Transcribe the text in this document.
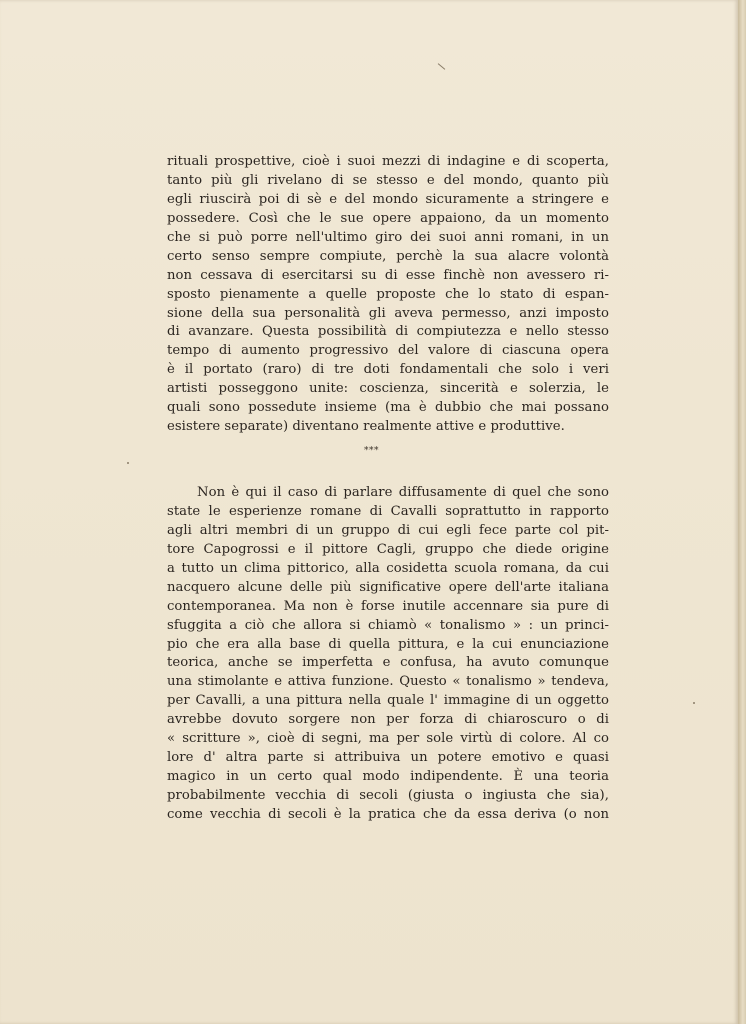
rituali prospettive, cioè i suoi mezzi di indagine e di scoperta,
tanto più gli rivelano di se stesso e del mondo, quanto più
egli riuscirà poi di sè e del mondo sicuramente a stringere e
possedere. Così che le sue opere appaiono, da un momento
che si può porre nell'ultimo giro dei suoi anni romani, in un
certo senso sempre compiute, perchè la sua alacre volontà
non cessava di esercitarsi su di esse finchè non avessero ri-
sposto pienamente a quelle proposte che lo stato di espan-
sione della sua personalità gli aveva permesso, anzi imposto
di avanzare. Questa possibilità di compiutezza e nello stesso
tempo di aumento progressivo del valore di ciascuna opera
è il portato (raro) di tre doti fondamentali che solo i veri
artisti posseggono unite: coscienza, sincerità e solerzia, le
quali sono possedute insieme (ma è dubbio che mai possano
esistere separate) diventano realmente attive e produttive.
***
Non è qui il caso di parlare diffusamente di quel che sono
state le esperienze romane di Cavalli soprattutto in rapporto
agli altri membri di un gruppo di cui egli fece parte col pit-
tore Capogrossi e il pittore Cagli, gruppo che diede origine
a tutto un clima pittorico, alla cosidetta scuola romana, da cui
nacquero alcune delle più significative opere dell'arte italiana
contemporanea. Ma non è forse inutile accennare sia pure di
sfuggita a ciò che allora si chiamò « tonalismo » : un princi-
pio che era alla base di quella pittura, e la cui enunciazione
teorica, anche se imperfetta e confusa, ha avuto comunque
una stimolante e attiva funzione. Questo « tonalismo » tendeva,
per Cavalli, a una pittura nella quale l' immagine di un oggetto
avrebbe dovuto sorgere non per forza di chiaroscuro o di
« scritture », cioè di segni, ma per sole virtù di colore. Al co
lore d' altra parte si attribuiva un potere emotivo e quasi
magico in un certo qual modo indipendente. È una teoria
probabilmente vecchia di secoli (giusta o ingiusta che sia),
come vecchia di secoli è la pratica che da essa deriva (o non
